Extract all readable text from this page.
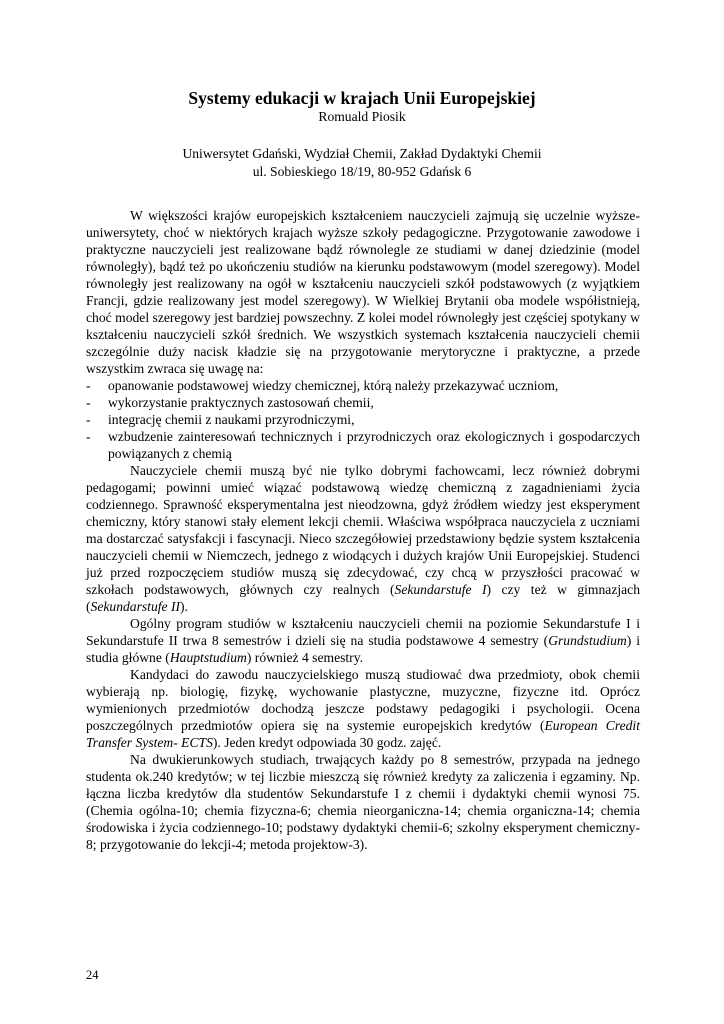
Systemy edukacji w krajach Unii Europejskiej
Romuald Piosik
Uniwersytet Gdański, Wydział Chemii, Zakład Dydaktyki Chemii
ul. Sobieskiego 18/19, 80-952 Gdańsk 6

W większości krajów europejskich kształceniem nauczycieli zajmują się uczelnie wyższe-uniwersytety, choć w niektórych krajach wyższe szkoły pedagogiczne. Przygotowanie zawodowe i praktyczne nauczycieli jest realizowane bądź równolegle ze studiami w danej dziedzinie (model równoległy), bądź też po ukończeniu studiów na kierunku podstawowym (model szeregowy). Model równoległy jest realizowany na ogół w kształceniu nauczycieli szkół podstawowych (z wyjątkiem Francji, gdzie realizowany jest model szeregowy). W Wielkiej Brytanii oba modele współistnieją, choć model szeregowy jest bardziej powszechny. Z kolei model równoległy jest częściej spotykany w kształceniu nauczycieli szkół średnich. We wszystkich systemach kształcenia nauczycieli chemii szczególnie duży nacisk kładzie się na przygotowanie merytoryczne i praktyczne, a przede wszystkim zwraca się uwagę na:

- opanowanie podstawowej wiedzy chemicznej, którą należy przekazywać uczniom,
- wykorzystanie praktycznych zastosowań chemii,
- integrację chemii z naukami przyrodniczymi,
- wzbudzenie zainteresowań technicznych i przyrodniczych oraz ekologicznych i gospodarczych powiązanych z chemią

Nauczyciele chemii muszą być nie tylko dobrymi fachowcami, lecz również dobrymi pedagogami; powinni umieć wiązać podstawową wiedzę chemiczną z zagadnieniami życia codziennego. Sprawność eksperymentalna jest nieodzowna, gdyż źródłem wiedzy jest eksperyment chemiczny, który stanowi stały element lekcji chemii. Właściwa współpraca nauczyciela z uczniami ma dostarczać satysfakcji i fascynacji. Nieco szczegółowiej przedstawiony będzie system kształcenia nauczycieli chemii w Niemczech, jednego z wiodących i dużych krajów Unii Europejskiej. Studenci już przed rozpoczęciem studiów muszą się zdecydować, czy chcą w przyszłości pracować w szkołach podstawowych, głównych czy realnych (Sekundarstufe I) czy też w gimnazjach (Sekundarstufe II).

Ogólny program studiów w kształceniu nauczycieli chemii na poziomie Sekundarstufe I i Sekundarstufe II trwa 8 semestrów i dzieli się na studia podstawowe 4 semestry (Grundstudium) i studia główne (Hauptstudium) również 4 semestry.

Kandydaci do zawodu nauczycielskiego muszą studiować dwa przedmioty, obok chemii wybierają np. biologię, fizykę, wychowanie plastyczne, muzyczne, fizyczne itd. Oprócz wymienionych przedmiotów dochodzą jeszcze podstawy pedagogiki i psychologii. Ocena poszczególnych przedmiotów opiera się na systemie europejskich kredytów (European Credit Transfer System- ECTS). Jeden kredyt odpowiada 30 godz. zajęć.

Na dwukierunkowych studiach, trwających każdy po 8 semestrów, przypada na jednego studenta ok.240 kredytów; w tej liczbie mieszczą się również kredyty za zaliczenia i egzaminy. Np. łączna liczba kredytów dla studentów Sekundarstufe I z chemii i dydaktyki chemii wynosi 75. (Chemia ogólna-10; chemia fizyczna-6; chemia nieorganiczna-14; chemia organiczna-14; chemia środowiska i życia codziennego-10; podstawy dydaktyki chemii-6; szkolny eksperyment chemiczny-8; przygotowanie do lekcji-4; metoda projektow-3).

24
